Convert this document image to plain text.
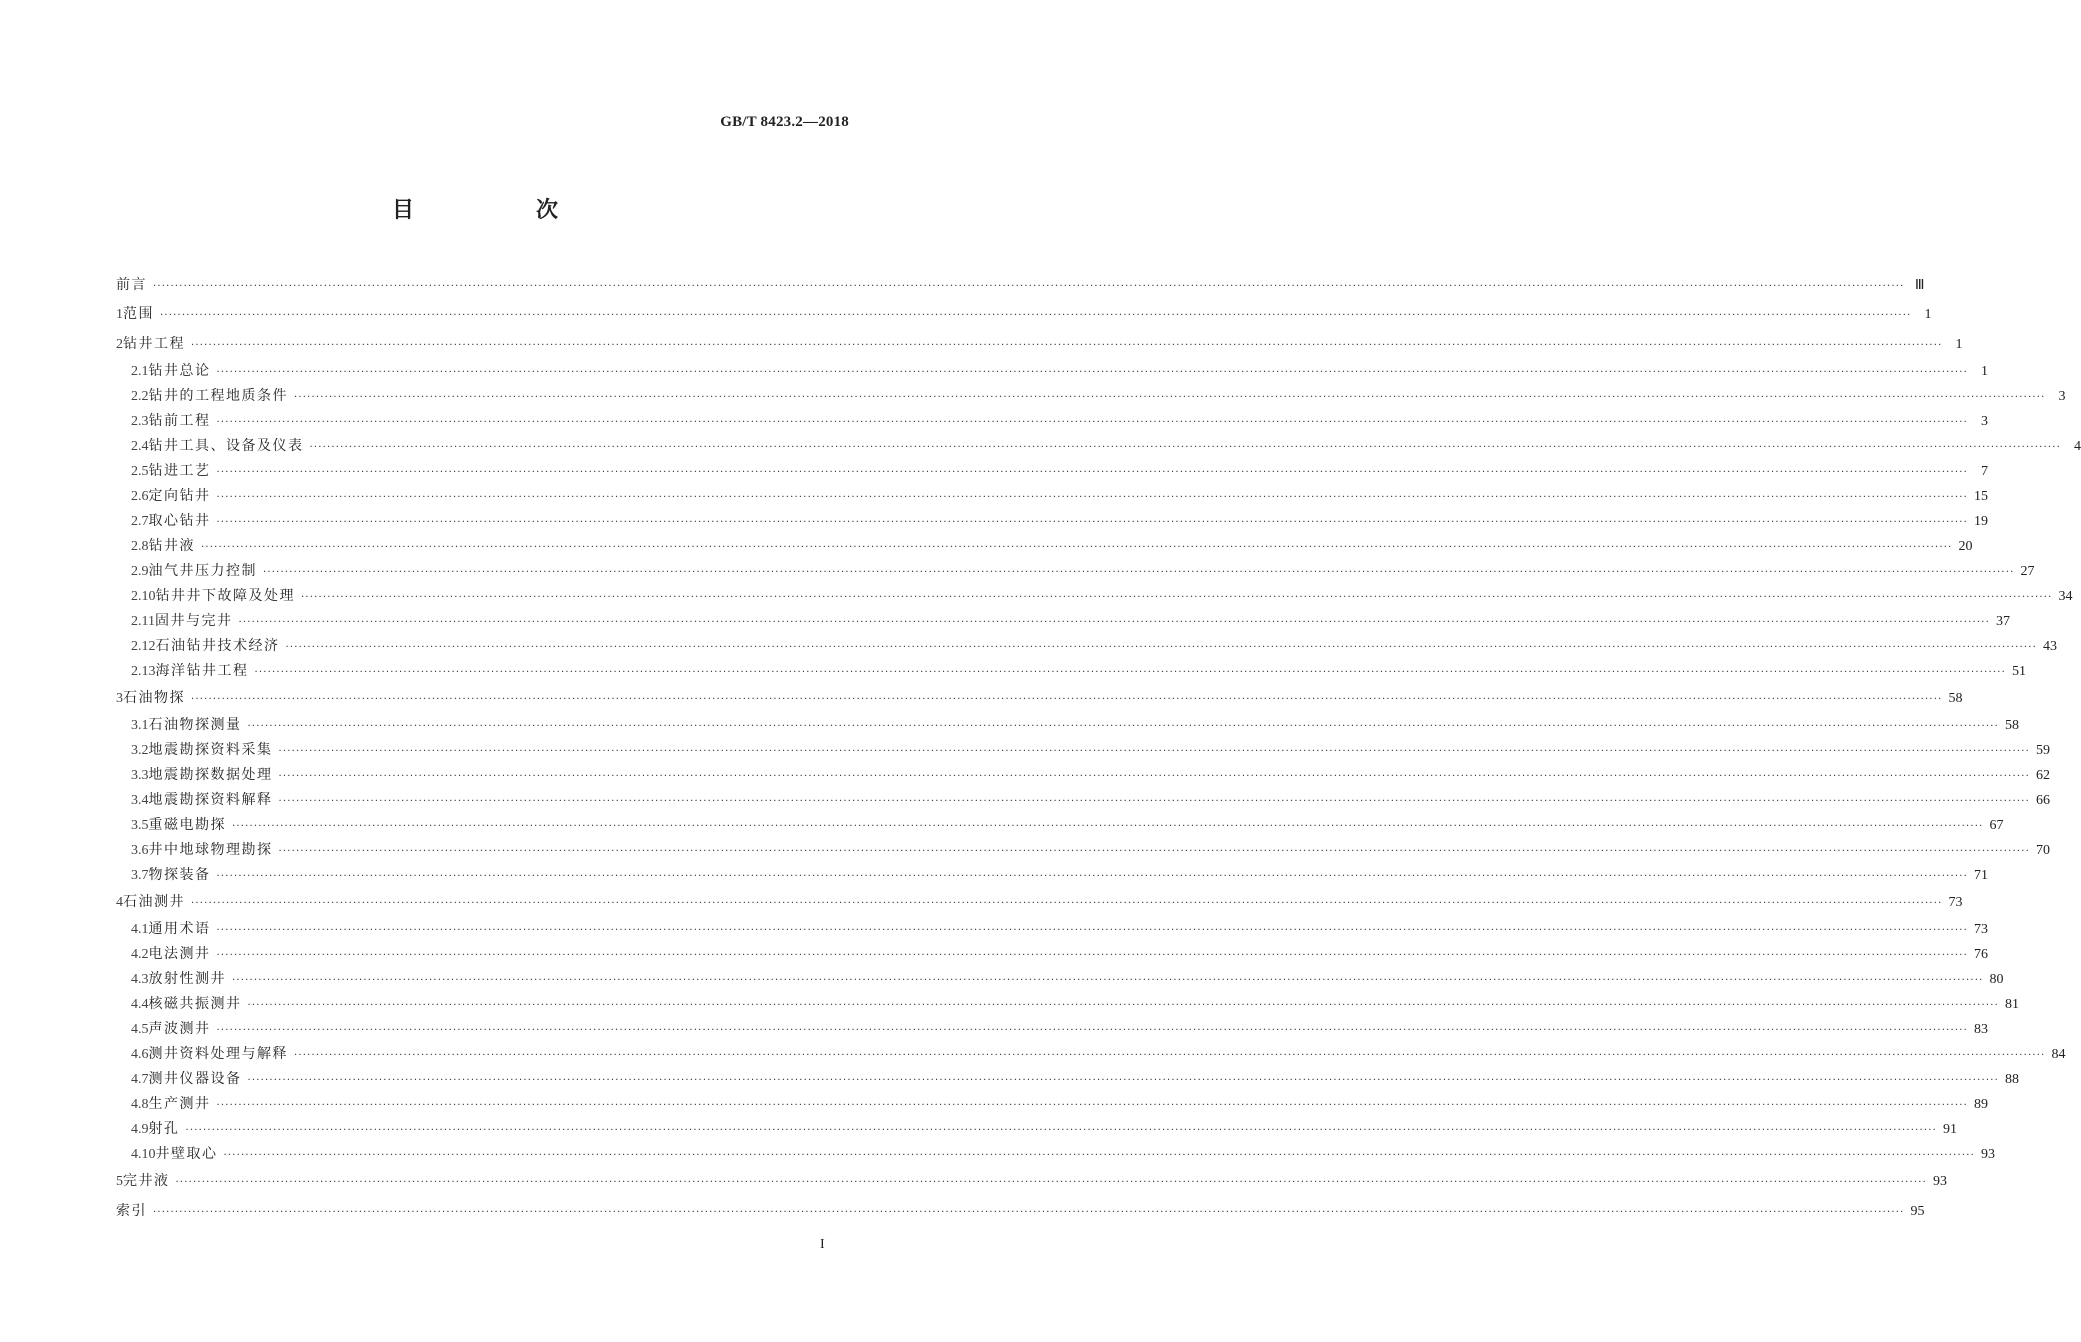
GB/T 8423.2—2018
目　次
前言 ················································································································································································································································································································································································································ Ⅲ
1 范围 ················································································································································································································································································································································································································ 1
2 钻井工程 ················································································································································································································································································································································································································ 1
2.1 钻井总论 ················································································································································································································································································································································································································ 1
2.2 钻井的工程地质条件 ················································································································································································································································································································································································································ 3
2.3 钻前工程 ················································································································································································································································································································································································································ 3
2.4 钻井工具、设备及仪表 ················································································································································································································································································································································································································ 4
2.5 钻进工艺 ················································································································································································································································································································································································································ 7
2.6 定向钻井 ················································································································································································································································································································································································································ 15
2.7 取心钻井 ················································································································································································································································································································································································································ 19
2.8 钻井液 ················································································································································································································································································································································································································ 20
2.9 油气井压力控制 ················································································································································································································································································································································································································ 27
2.10 钻井井下故障及处理 ················································································································································································································································································································································································································ 34
2.11 固井与完井 ················································································································································································································································································································································································································ 37
2.12 石油钻井技术经济 ················································································································································································································································································································································································································ 43
2.13 海洋钻井工程 ················································································································································································································································································································································································································ 51
3 石油物探 ················································································································································································································································································································································································································ 58
3.1 石油物探测量 ················································································································································································································································································································································································································ 58
3.2 地震勘探资料采集 ················································································································································································································································································································································································································ 59
3.3 地震勘探数据处理 ················································································································································································································································································································································································································ 62
3.4 地震勘探资料解释 ················································································································································································································································································································································································································ 66
3.5 重磁电勘探 ················································································································································································································································································································································································································ 67
3.6 井中地球物理勘探 ················································································································································································································································································································································································································ 70
3.7 物探装备 ················································································································································································································································································································································································································ 71
4 石油测井 ················································································································································································································································································································································································································ 73
4.1 通用术语 ················································································································································································································································································································································································································ 73
4.2 电法测井 ················································································································································································································································································································································································································ 76
4.3 放射性测井 ················································································································································································································································································································································································································ 80
4.4 核磁共振测井 ················································································································································································································································································································································································································ 81
4.5 声波测井 ················································································································································································································································································································································································································ 83
4.6 测井资料处理与解释 ················································································································································································································································································································································································································ 84
4.7 测井仪器设备 ················································································································································································································································································································································································································ 88
4.8 生产测井 ················································································································································································································································································································································································································ 89
4.9 射孔 ················································································································································································································································································································································································································ 91
4.10 井壁取心 ················································································································································································································································································································································································································ 93
5 完井液 ················································································································································································································································································································································································································ 93
索引 ················································································································································································································································································································································································································ 95
I
